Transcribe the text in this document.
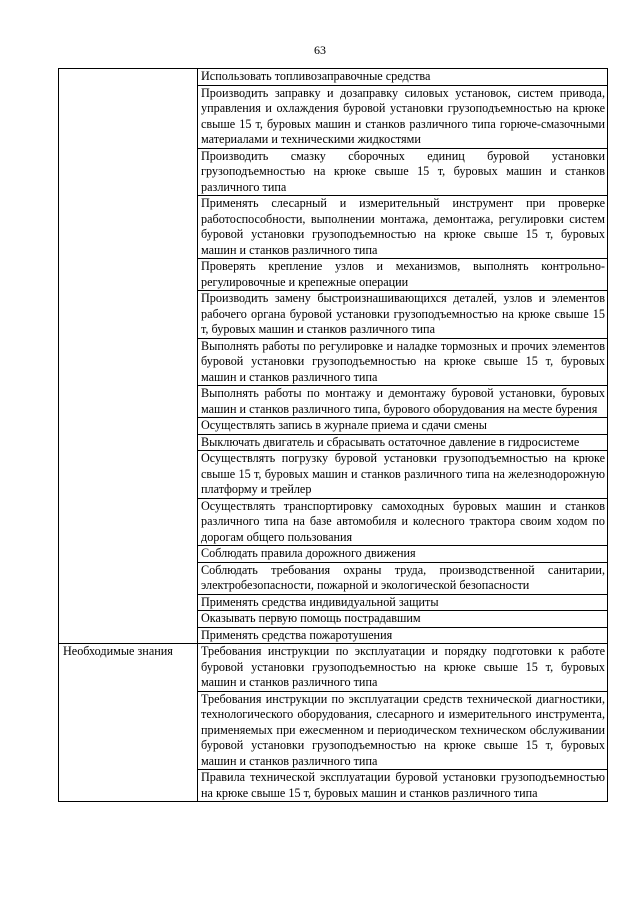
63
	Использовать топливозаправочные средства
	Производить заправку и дозаправку силовых установок, систем привода, управления и охлаждения буровой установки грузоподъемностью на крюке свыше 15 т, буровых машин и станков различного типа горюче-смазочными материалами и техническими жидкостями
	Производить смазку сборочных единиц буровой установки грузоподъемностью на крюке свыше 15 т, буровых машин и станков различного типа
	Применять слесарный и измерительный инструмент при проверке работоспособности, выполнении монтажа, демонтажа, регулировки систем буровой установки грузоподъемностью на крюке свыше 15 т, буровых машин и станков различного типа
	Проверять крепление узлов и механизмов, выполнять контрольно-регулировочные и крепежные операции
	Производить замену быстроизнашивающихся деталей, узлов и элементов рабочего органа буровой установки грузоподъемностью на крюке свыше 15 т, буровых машин и станков различного типа
	Выполнять работы по регулировке и наладке тормозных и прочих элементов буровой установки грузоподъемностью на крюке свыше 15 т, буровых машин и станков различного типа
	Выполнять работы по монтажу и демонтажу буровой установки, буровых машин и станков различного типа, бурового оборудования на месте бурения
	Осуществлять запись в журнале приема и сдачи смены
	Выключать двигатель и сбрасывать остаточное давление в гидросистеме
	Осуществлять погрузку буровой установки грузоподъемностью на крюке свыше 15 т, буровых машин и станков различного типа на железнодорожную платформу и трейлер
	Осуществлять транспортировку самоходных буровых машин и станков различного типа на базе автомобиля и колесного трактора своим ходом по дорогам общего пользования
	Соблюдать правила дорожного движения
	Соблюдать требования охраны труда, производственной санитарии, электробезопасности, пожарной и экологической безопасности
	Применять средства индивидуальной защиты
	Оказывать первую помощь пострадавшим
	Применять средства пожаротушения
Необходимые знания	Требования инструкции по эксплуатации и порядку подготовки к работе буровой установки грузоподъемностью на крюке свыше 15 т, буровых машин и станков различного типа
	Требования инструкции по эксплуатации средств технической диагностики, технологического оборудования, слесарного и измерительного инструмента, применяемых при ежесменном и периодическом техническом обслуживании буровой установки грузоподъемностью на крюке свыше 15 т, буровых машин и станков различного типа
	Правила технической эксплуатации буровой установки грузоподъемностью на крюке свыше 15 т, буровых машин и станков различного типа
